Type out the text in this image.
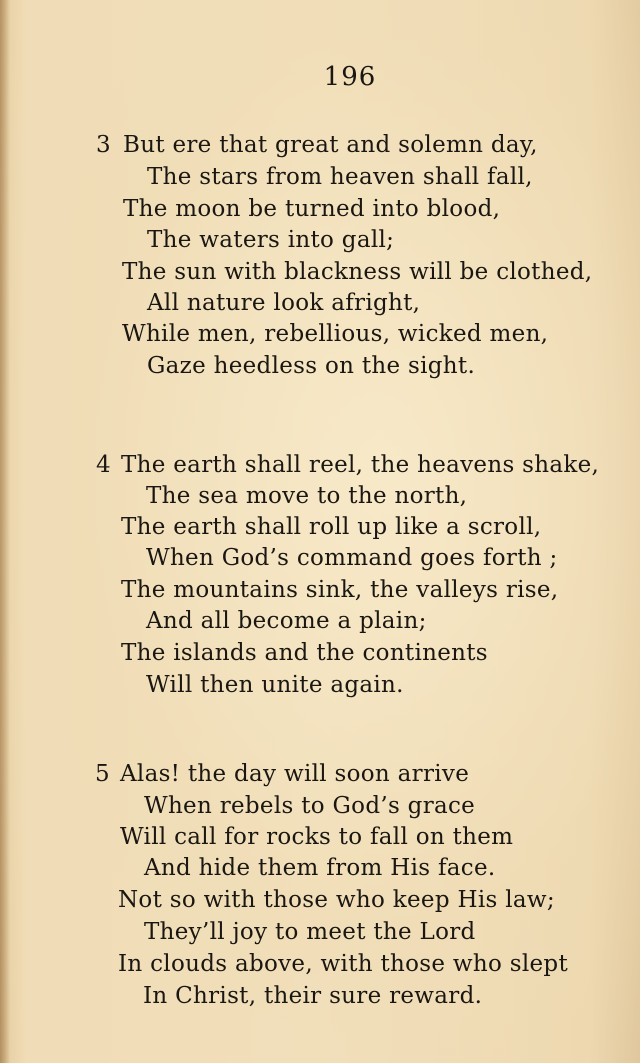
196
3 But ere that great and solemn day,
The stars from heaven shall fall,
The moon be turned into blood,
The waters into gall;
The sun with blackness will be clothed,
All nature look afright,
While men, rebellious, wicked men,
Gaze heedless on the sight.
4 The earth shall reel, the heavens shake,
The sea move to the north,
The earth shall roll up like a scroll,
When God’s command goes forth ;
The mountains sink, the valleys rise,
And all become a plain;
The islands and the continents
Will then unite again.
5 Alas! the day will soon arrive
When rebels to God’s grace
Will call for rocks to fall on them
And hide them from His face.
Not so with those who keep His law;
They’ll joy to meet the Lord
In clouds above, with those who slept
In Christ, their sure reward.
